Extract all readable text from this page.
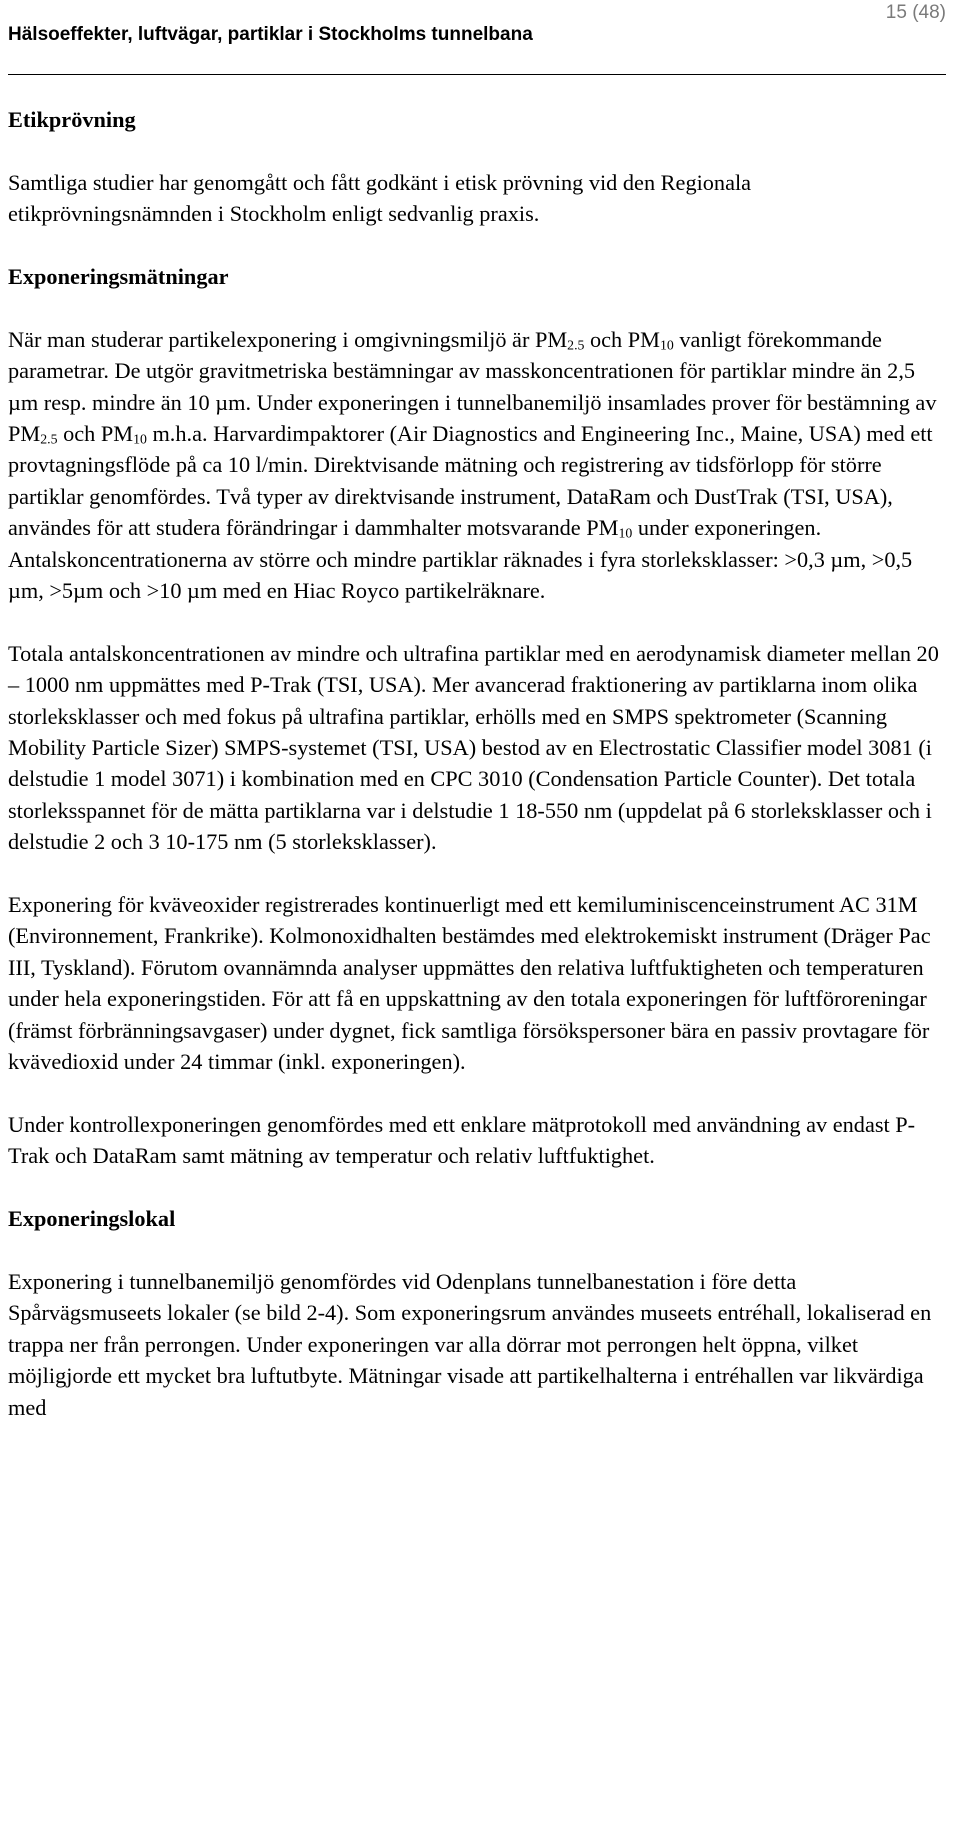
Hälsoeffekter, luftvägar, partiklar i Stockholms tunnelbana
15 (48)

Etikprövning

Samtliga studier har genomgått och fått godkänt i etisk prövning vid den Regionala etikprövningsnämnden i Stockholm enligt sedvanlig praxis.

Exponeringsmätningar

När man studerar partikelexponering i omgivningsmiljö är $PM_{2.5}$ och $PM_{10}$ vanligt förekommande parametrar. De utgör gravitmetriska bestämningar av masskoncentrationen för partiklar mindre än 2,5 µm resp. mindre än 10 µm. Under exponeringen i tunnelbanemiljö insamlades prover för bestämning av $PM_{2.5}$ och $PM_{10}$ m.h.a. Harvardimpaktorer (Air Diagnostics and Engineering Inc., Maine, USA) med ett provtagningsflöde på ca 10 l/min. Direktvisande mätning och registrering av tidsförlopp för större partiklar genomfördes. Två typer av direktvisande instrument, DataRam och DustTrak (TSI, USA), användes för att studera förändringar i dammhalter motsvarande $PM_{10}$ under exponeringen. Antalskoncentrationerna av större och mindre partiklar räknades i fyra storleksklasser: >0,3 µm, >0,5 µm, >5µm och >10 µm med en Hiac Royco partikelräknare.

Totala antalskoncentrationen av mindre och ultrafina partiklar med en aerodynamisk diameter mellan 20 – 1000 nm uppmättes med P-Trak (TSI, USA). Mer avancerad fraktionering av partiklarna inom olika storleksklasser och med fokus på ultrafina partiklar, erhölls med en SMPS spektrometer (Scanning Mobility Particle Sizer) SMPS-systemet (TSI, USA) bestod av en Electrostatic Classifier model 3081 (i delstudie 1 model 3071) i kombination med en CPC 3010 (Condensation Particle Counter). Det totala storleksspannet för de mätta partiklarna var i delstudie 1 18-550 nm (uppdelat på 6 storleksklasser och i delstudie 2 och 3 10-175 nm (5 storleksklasser).

Exponering för kväveoxider registrerades kontinuerligt med ett kemiluminiscenceinstrument AC 31M (Environnement, Frankrike). Kolmonoxidhalten bestämdes med elektrokemiskt instrument (Dräger Pac III, Tyskland). Förutom ovannämnda analyser uppmättes den relativa luftfuktigheten och temperaturen under hela exponeringstiden. För att få en uppskattning av den totala exponeringen för luftföroreningar (främst förbränningsavgaser) under dygnet, fick samtliga försökspersoner bära en passiv provtagare för kvävedioxid under 24 timmar (inkl. exponeringen).

Under kontrollexponeringen genomfördes med ett enklare mätprotokoll med användning av endast P-Trak och DataRam samt mätning av temperatur och relativ luftfuktighet.

Exponeringslokal

Exponering i tunnelbanemiljö genomfördes vid Odenplans tunnelbanestation i före detta Spårvägsmuseets lokaler (se bild 2-4). Som exponeringsrum användes museets entréhall, lokaliserad en trappa ner från perrongen. Under exponeringen var alla dörrar mot perrongen helt öppna, vilket möjligjorde ett mycket bra luftutbyte. Mätningar visade att partikelhalterna i entréhallen var likvärdiga med
